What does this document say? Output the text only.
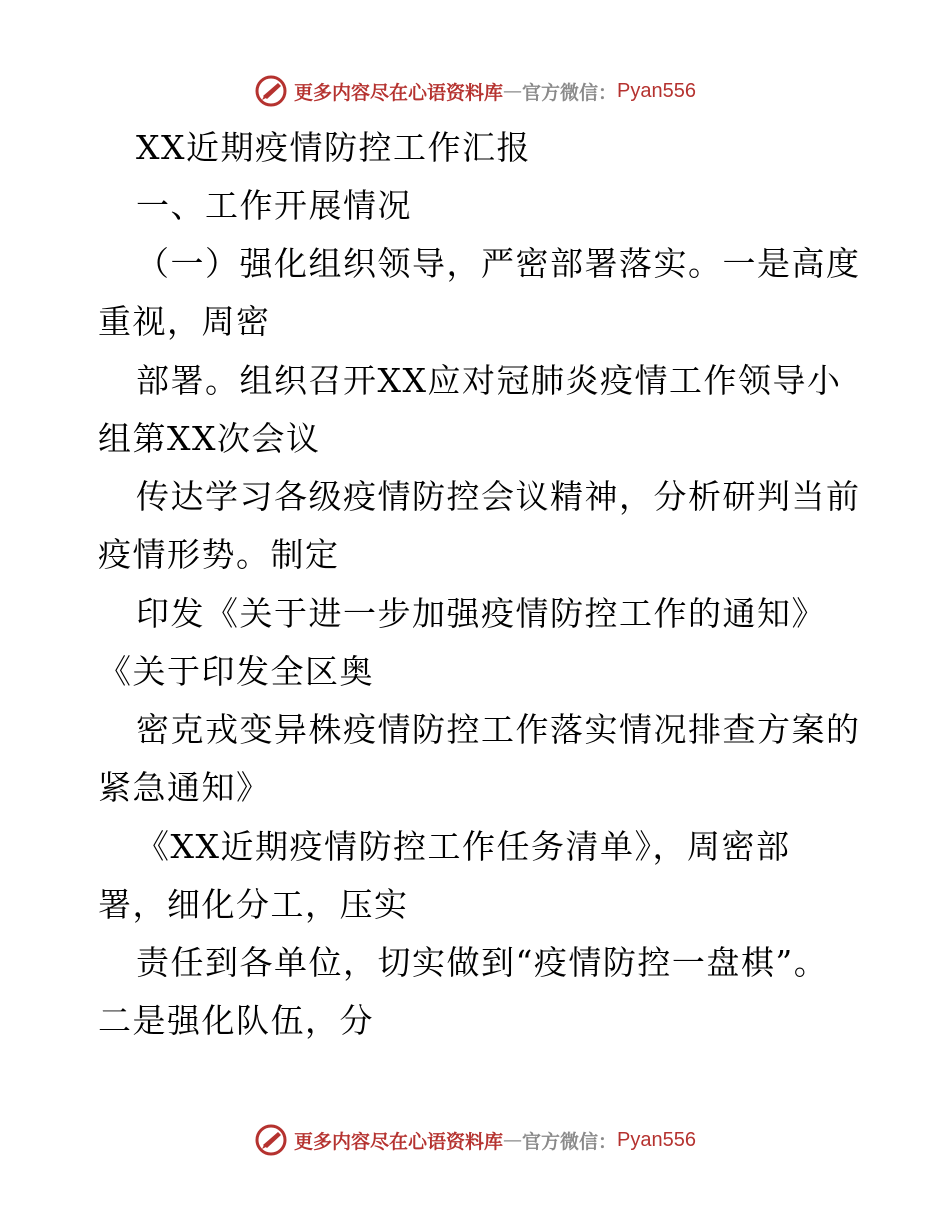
更多内容尽在心语资料库 — 官方微信： Pyan556
XX近期疫情防控工作汇报
一、工作开展情况
（一）强化组织领导，严密部署落实。一是高度
重视，周密
部署。组织召开XX应对冠肺炎疫情工作领导小
组第XX次会议
传达学习各级疫情防控会议精神，分析研判当前
疫情形势。制定
印发《关于进一步加强疫情防控工作的通知》
《关于印发全区奥
密克戎变异株疫情防控工作落实情况排查方案的
紧急通知》
《XX近期疫情防控工作任务清单》，周密部
署，细化分工，压实
责任到各单位，切实做到“疫情防控一盘棋”。
二是强化队伍，分
更多内容尽在心语资料库 — 官方微信： Pyan556
